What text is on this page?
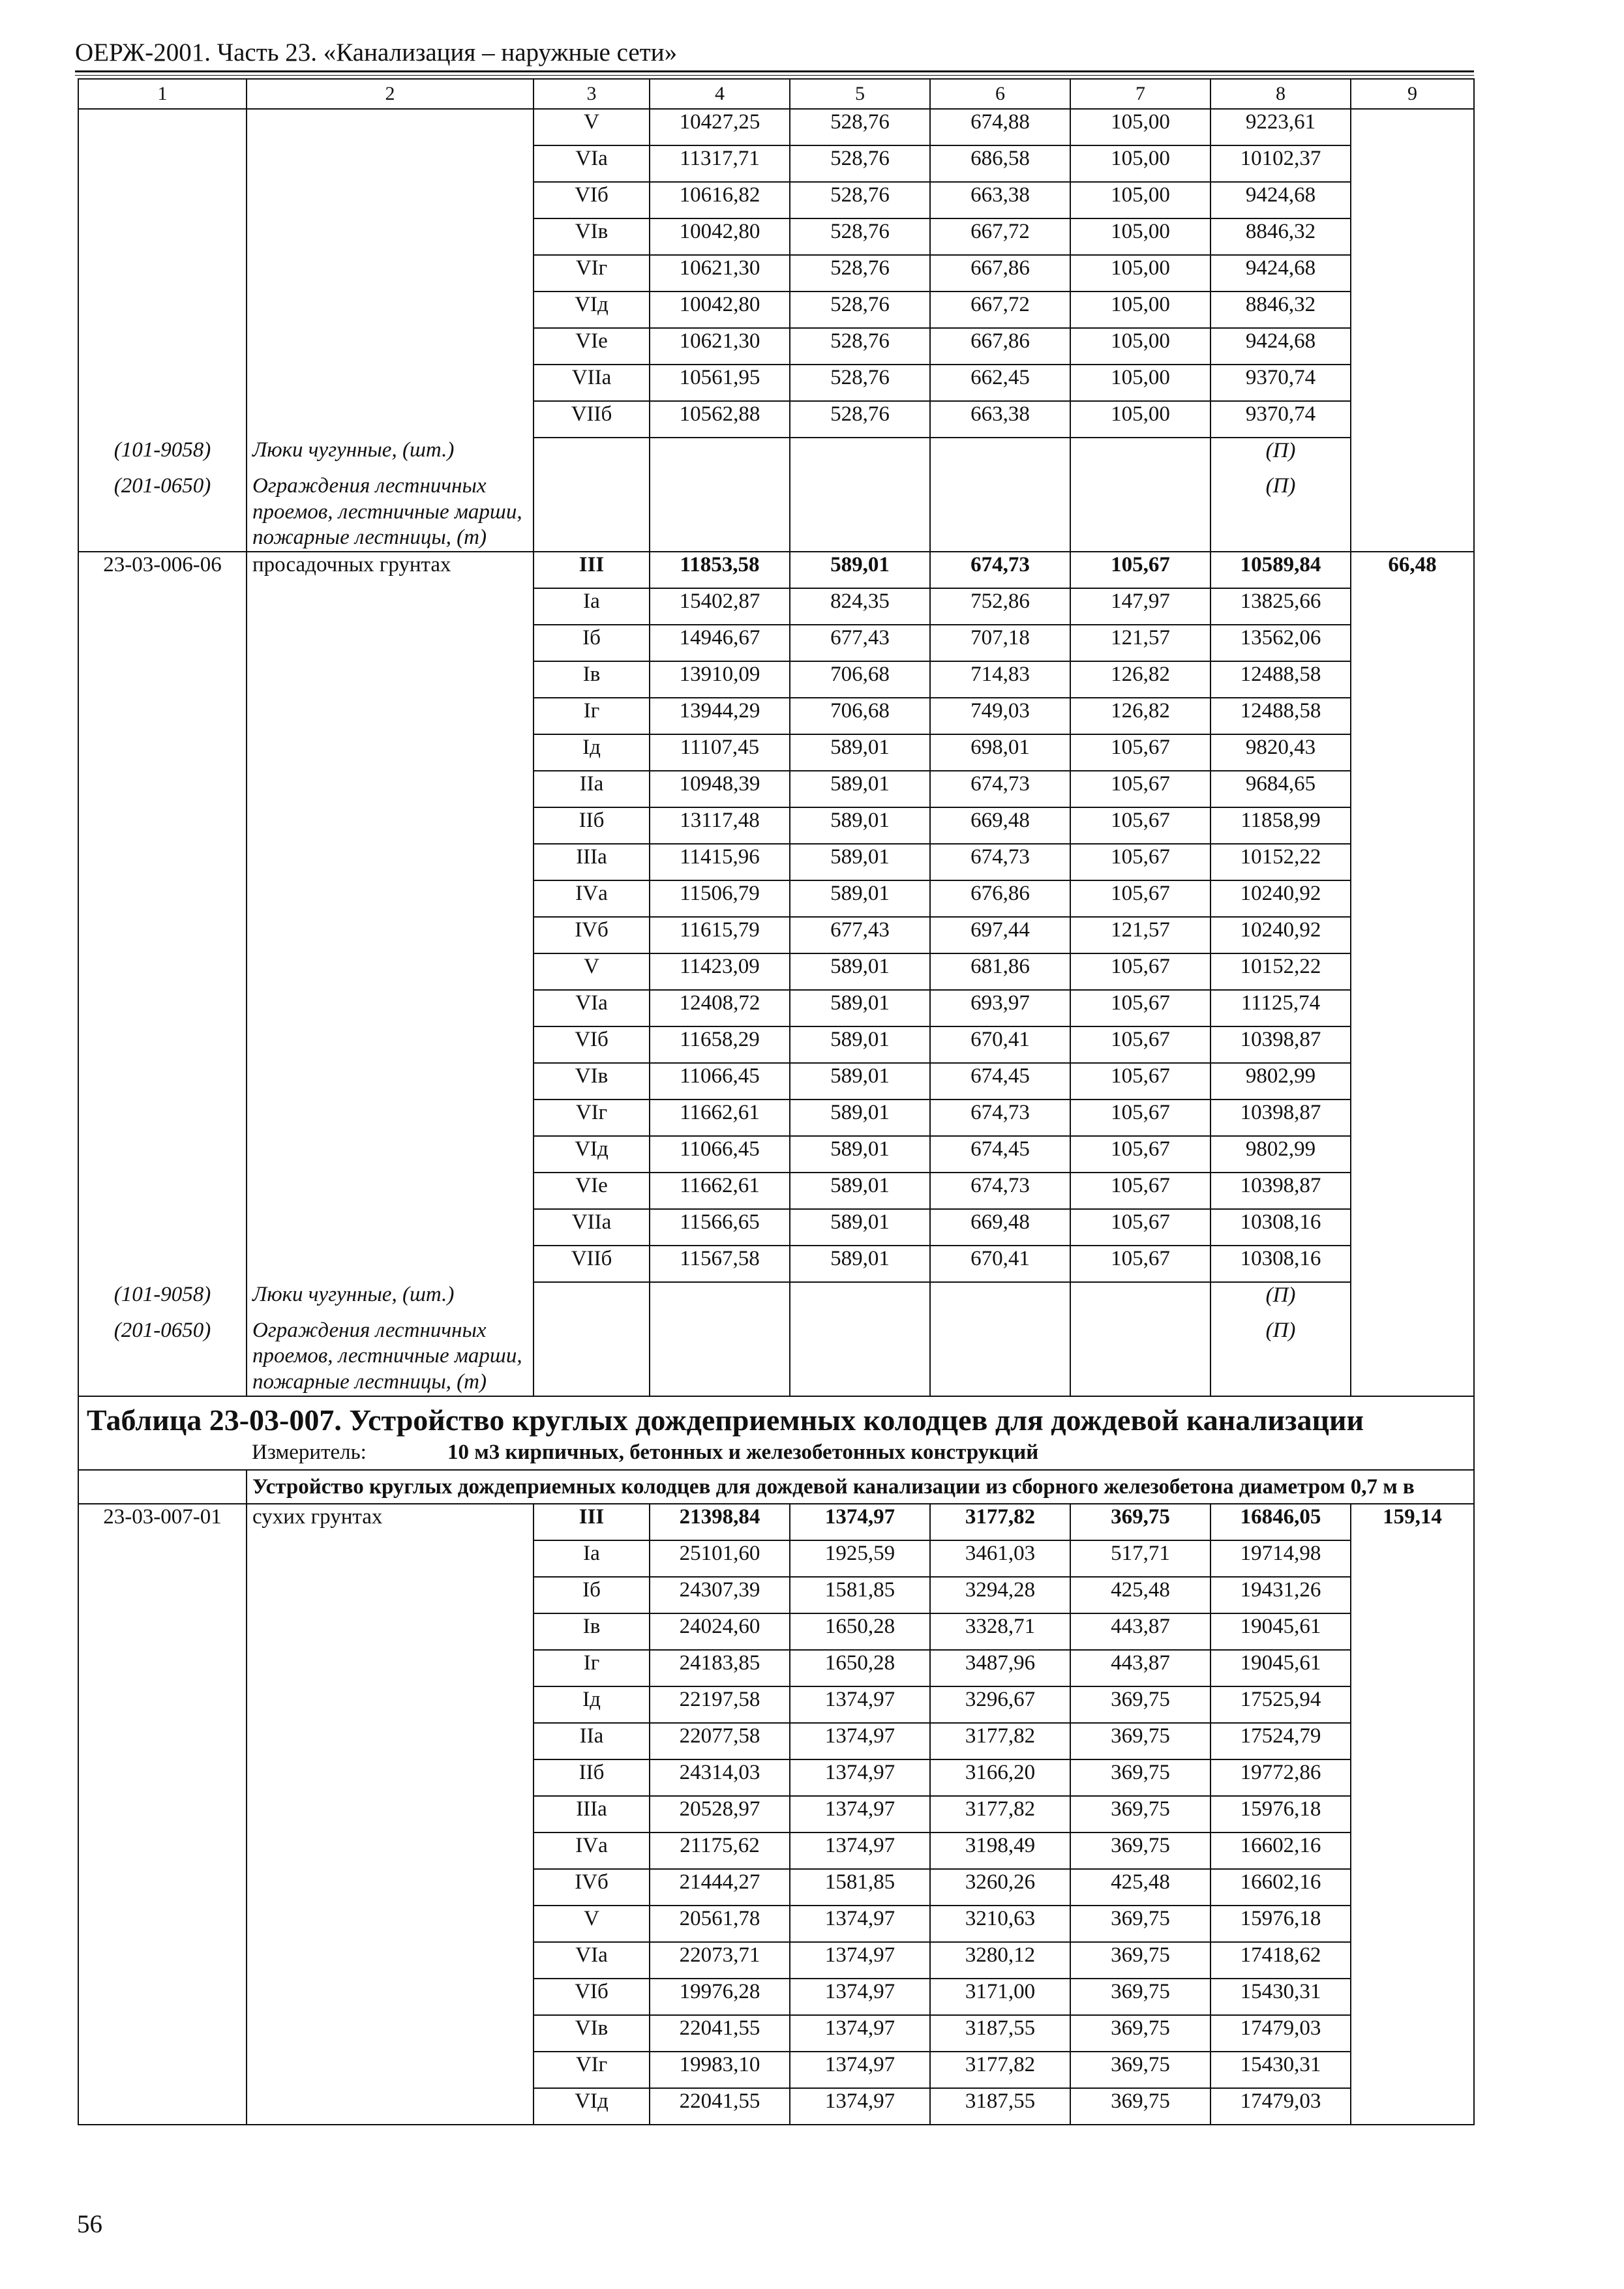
ОЕРЖ-2001. Часть 23. «Канализация – наружные сети»
1	2	3	4	5	6	7	8	9
		V	10427,25	528,76	674,88	105,00	9223,61	
		VIа	11317,71	528,76	686,58	105,00	10102,37	
		VIб	10616,82	528,76	663,38	105,00	9424,68	
		VIв	10042,80	528,76	667,72	105,00	8846,32	
		VIг	10621,30	528,76	667,86	105,00	9424,68	
		VIд	10042,80	528,76	667,72	105,00	8846,32	
		VIе	10621,30	528,76	667,86	105,00	9424,68	
		VIIа	10561,95	528,76	662,45	105,00	9370,74	
		VIIб	10562,88	528,76	663,38	105,00	9370,74	
(101-9058)	Люки чугунные, (шт.)						(П)	
(201-0650)	Ограждения лестничных проемов, лестничные марши, пожарные лестницы, (т)						(П)	
23-03-006-06	просадочных грунтах	III	11853,58	589,01	674,73	105,67	10589,84	66,48
		Iа	15402,87	824,35	752,86	147,97	13825,66	
		Iб	14946,67	677,43	707,18	121,57	13562,06	
		Iв	13910,09	706,68	714,83	126,82	12488,58	
		Iг	13944,29	706,68	749,03	126,82	12488,58	
		Iд	11107,45	589,01	698,01	105,67	9820,43	
		IIа	10948,39	589,01	674,73	105,67	9684,65	
		IIб	13117,48	589,01	669,48	105,67	11858,99	
		IIIа	11415,96	589,01	674,73	105,67	10152,22	
		IVа	11506,79	589,01	676,86	105,67	10240,92	
		IVб	11615,79	677,43	697,44	121,57	10240,92	
		V	11423,09	589,01	681,86	105,67	10152,22	
		VIа	12408,72	589,01	693,97	105,67	11125,74	
		VIб	11658,29	589,01	670,41	105,67	10398,87	
		VIв	11066,45	589,01	674,45	105,67	9802,99	
		VIг	11662,61	589,01	674,73	105,67	10398,87	
		VIд	11066,45	589,01	674,45	105,67	9802,99	
		VIе	11662,61	589,01	674,73	105,67	10398,87	
		VIIа	11566,65	589,01	669,48	105,67	10308,16	
		VIIб	11567,58	589,01	670,41	105,67	10308,16	
(101-9058)	Люки чугунные, (шт.)						(П)	
(201-0650)	Ограждения лестничных проемов, лестничные марши, пожарные лестницы, (т)						(П)	

Таблица 23-03-007. Устройство круглых дождеприемных колодцев для дождевой канализации
Измеритель: 10 м3 кирпичных, бетонных и железобетонных конструкций								

	Устройство круглых дождеприемных колодцев для дождевой канализации из сборного железобетона диаметром 0,7 м в							
23-03-007-01	сухих грунтах	III	21398,84	1374,97	3177,82	369,75	16846,05	159,14
		Iа	25101,60	1925,59	3461,03	517,71	19714,98	
		Iб	24307,39	1581,85	3294,28	425,48	19431,26	
		Iв	24024,60	1650,28	3328,71	443,87	19045,61	
		Iг	24183,85	1650,28	3487,96	443,87	19045,61	
		Iд	22197,58	1374,97	3296,67	369,75	17525,94	
		IIа	22077,58	1374,97	3177,82	369,75	17524,79	
		IIб	24314,03	1374,97	3166,20	369,75	19772,86	
		IIIа	20528,97	1374,97	3177,82	369,75	15976,18	
		IVа	21175,62	1374,97	3198,49	369,75	16602,16	
		IVб	21444,27	1581,85	3260,26	425,48	16602,16	
		V	20561,78	1374,97	3210,63	369,75	15976,18	
		VIа	22073,71	1374,97	3280,12	369,75	17418,62	
		VIб	19976,28	1374,97	3171,00	369,75	15430,31	
		VIв	22041,55	1374,97	3187,55	369,75	17479,03	
		VIг	19983,10	1374,97	3177,82	369,75	15430,31	
		VIд	22041,55	1374,97	3187,55	369,75	17479,03	
56
